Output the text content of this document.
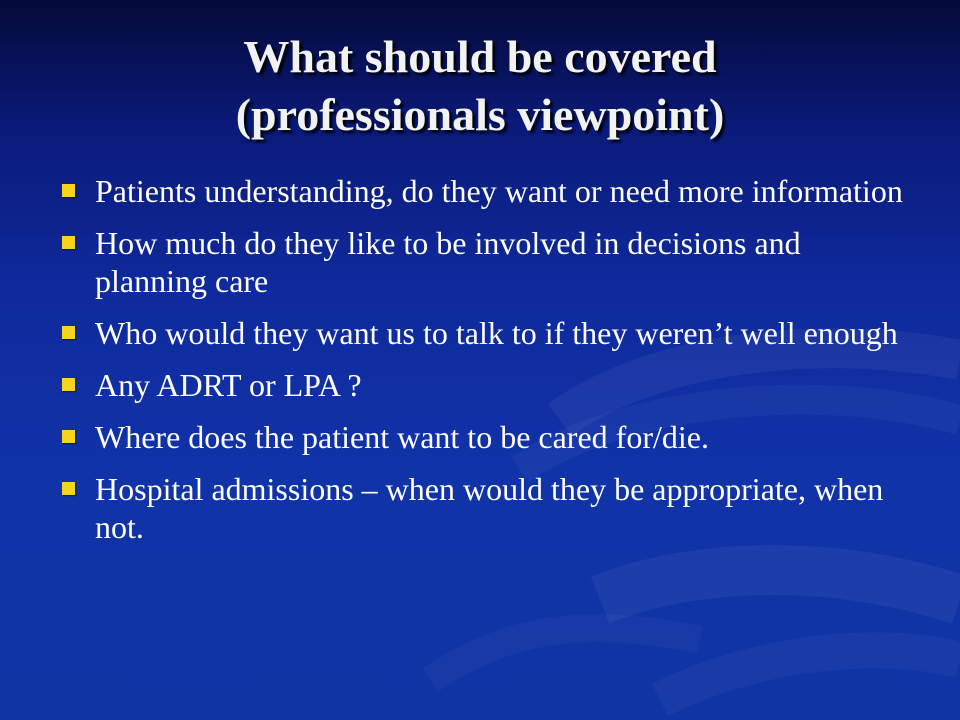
What should be covered
(professionals viewpoint)
Patients understanding, do they want or need more information
How much do they like to be involved in decisions and planning care
Who would they want us to talk to if they weren’t well enough
Any ADRT or LPA ?
Where does the patient want to be cared for/die.
Hospital admissions – when would they be appropriate, when not.
